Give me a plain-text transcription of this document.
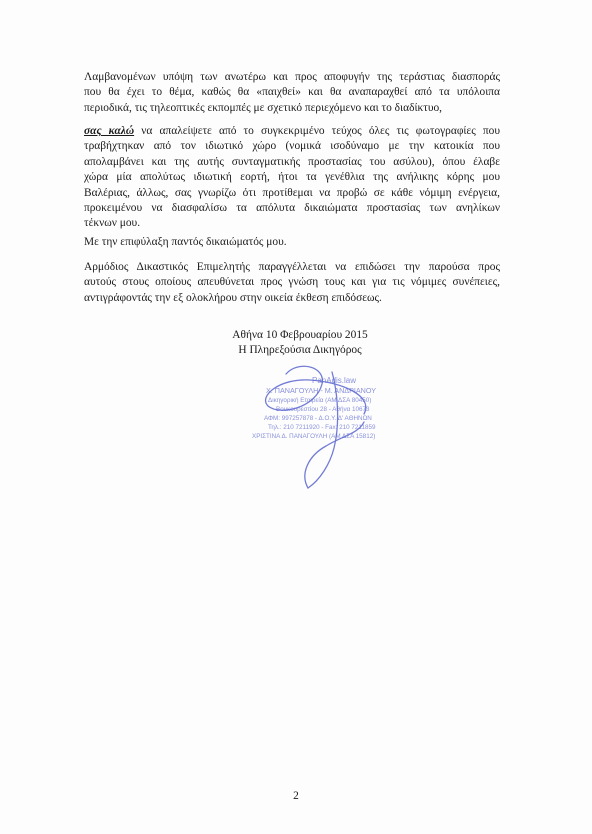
Λαμβανομένων υπόψη των ανωτέρω και προς αποφυγήν της τεράστιας διασποράς
που θα έχει το θέμα, καθώς θα «παιχθεί» και θα αναπαραχθεί από τα υπόλοιπα
περιοδικά, τις τηλεοπτικές εκπομπές με σχετικό περιεχόμενο και το διαδίκτυο,
σας καλώ να απαλείψετε από το συγκεκριμένο τεύχος όλες τις φωτογραφίες που
τραβήχτηκαν από τον ιδιωτικό χώρο (νομικά ισοδύναμο με την κατοικία που
απολαμβάνει και της αυτής συνταγματικής προστασίας του ασύλου), όπου έλαβε
χώρα μία απολύτως ιδιωτική εορτή, ήτοι τα γενέθλια της ανήλικης κόρης μου
Βαλέριας, άλλως, σας γνωρίζω ότι προτίθεμαι να προβώ σε κάθε νόμιμη ενέργεια,
προκειμένου να διασφαλίσω τα απόλυτα δικαιώματα προστασίας των ανηλίκων
τέκνων μου.
Με την επιφύλαξη παντός δικαιώματός μου.
Αρμόδιος Δικαστικός Επιμελητής παραγγέλλεται να επιδώσει την παρούσα προς
αυτούς στους οποίους απευθύνεται προς γνώση τους και για τις νόμιμες συνέπειες,
αντιγράφοντάς την εξ ολοκλήρου στην οικεία έκθεση επιδόσεως.
Αθήνα 10 Φεβρουαρίου 2015
Η Πληρεξούσια Δικηγόρος
PanAdis.law
Χ. ΠΑΝΑΓΟΥΛΗ - Μ. ΑΝΔΡΙΑΝΟΥ
Δικηγορική Εταιρεία (ΑΜ ΔΣΑ 80450)
Βουκουρεστίου 28 - Αθήνα 10673
ΑΦΜ: 997257878 - Δ.Ο.Υ. Δ' ΑΘΗΝΩΝ
Τηλ.: 210 7211920 - Fax: 210 7211859
ΧΡΙΣΤΙΝΑ Δ. ΠΑΝΑΓΟΥΛΗ (ΑΜ ΔΣΑ 15812)
2
